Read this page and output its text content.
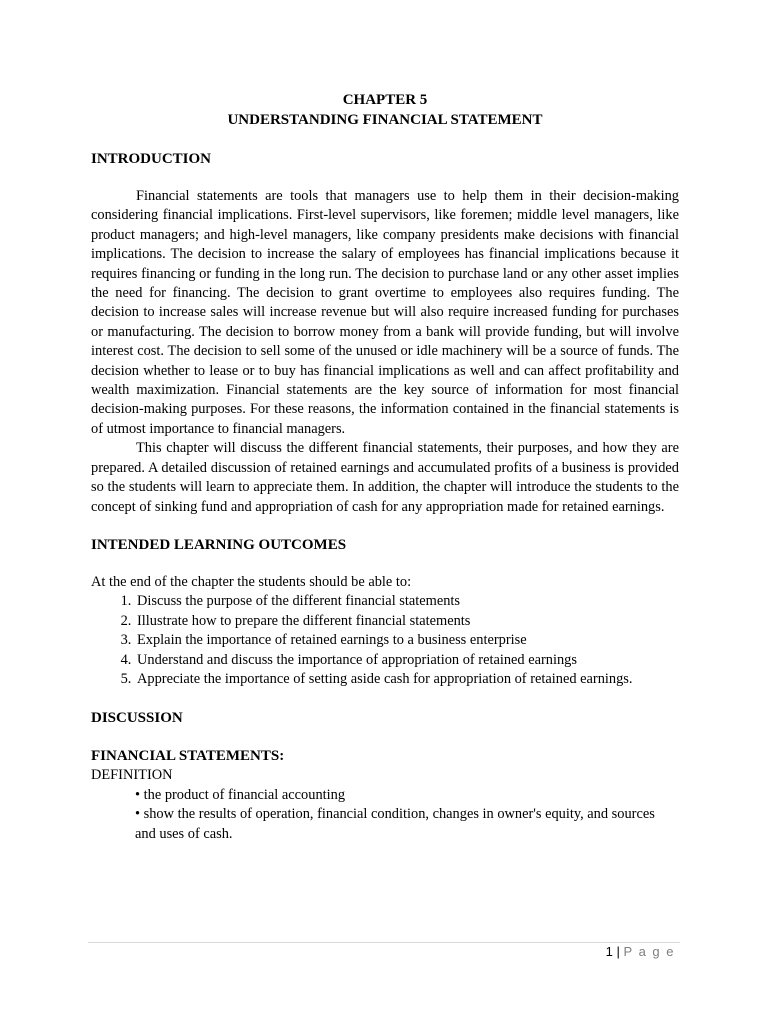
CHAPTER 5
UNDERSTANDING FINANCIAL STATEMENT
INTRODUCTION

Financial statements are tools that managers use to help them in their decision-making considering financial implications. First-level supervisors, like foremen; middle level managers, like product managers; and high-level managers, like company presidents make decisions with financial implications. The decision to increase the salary of employees has financial implications because it requires financing or funding in the long run. The decision to purchase land or any other asset implies the need for financing. The decision to grant overtime to employees also requires funding. The decision to increase sales will increase revenue but will also require increased funding for purchases or manufacturing. The decision to borrow money from a bank will provide funding, but will involve interest cost. The decision to sell some of the unused or idle machinery will be a source of funds. The decision whether to lease or to buy has financial implications as well and can affect profitability and wealth maximization. Financial statements are the key source of information for most financial decision-making purposes. For these reasons, the information contained in the financial statements is of utmost importance to financial managers.

This chapter will discuss the different financial statements, their purposes, and how they are prepared. A detailed discussion of retained earnings and accumulated profits of a business is provided so the students will learn to appreciate them. In addition, the chapter will introduce the students to the concept of sinking fund and appropriation of cash for any appropriation made for retained earnings.

INTENDED LEARNING OUTCOMES

At the end of the chapter the students should be able to:

1. Discuss the purpose of the different financial statements
2. Illustrate how to prepare the different financial statements
3. Explain the importance of retained earnings to a business enterprise
4. Understand and discuss the importance of appropriation of retained earnings
5. Appreciate the importance of setting aside cash for appropriation of retained earnings.
DISCUSSION
FINANCIAL STATEMENTS:

DEFINITION

• the product of financial accounting

• show the results of operation, financial condition, changes in owner's equity, and sources and uses of cash.

1 | P a g e
